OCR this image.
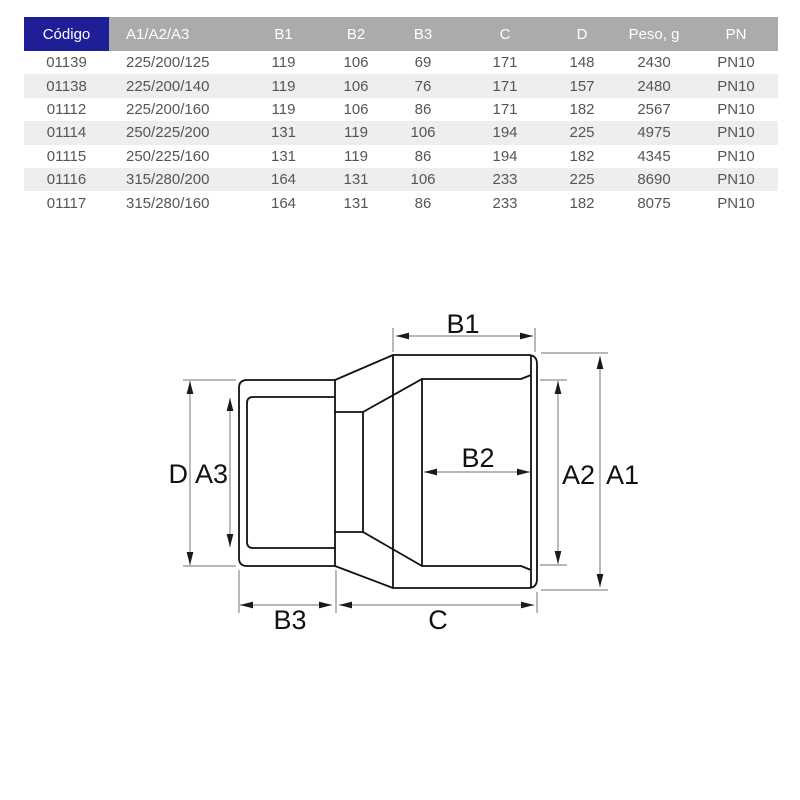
Código	A1/A2/A3	B1	B2	B3	C	D	Peso, g	PN
01139	225/200/125	119	106	69	171	148	2430	PN10
01138	225/200/140	119	106	76	171	157	2480	PN10
01112	225/200/160	119	106	86	171	182	2567	PN10
01114	250/225/200	131	119	106	194	225	4975	PN10
01115	250/225/160	131	119	86	194	182	4345	PN10
01116	315/280/200	164	131	106	233	225	8690	PN10
01117	315/280/160	164	131	86	233	182	8075	PN10
B1
B2
B3	C
D A3	A2 A1
